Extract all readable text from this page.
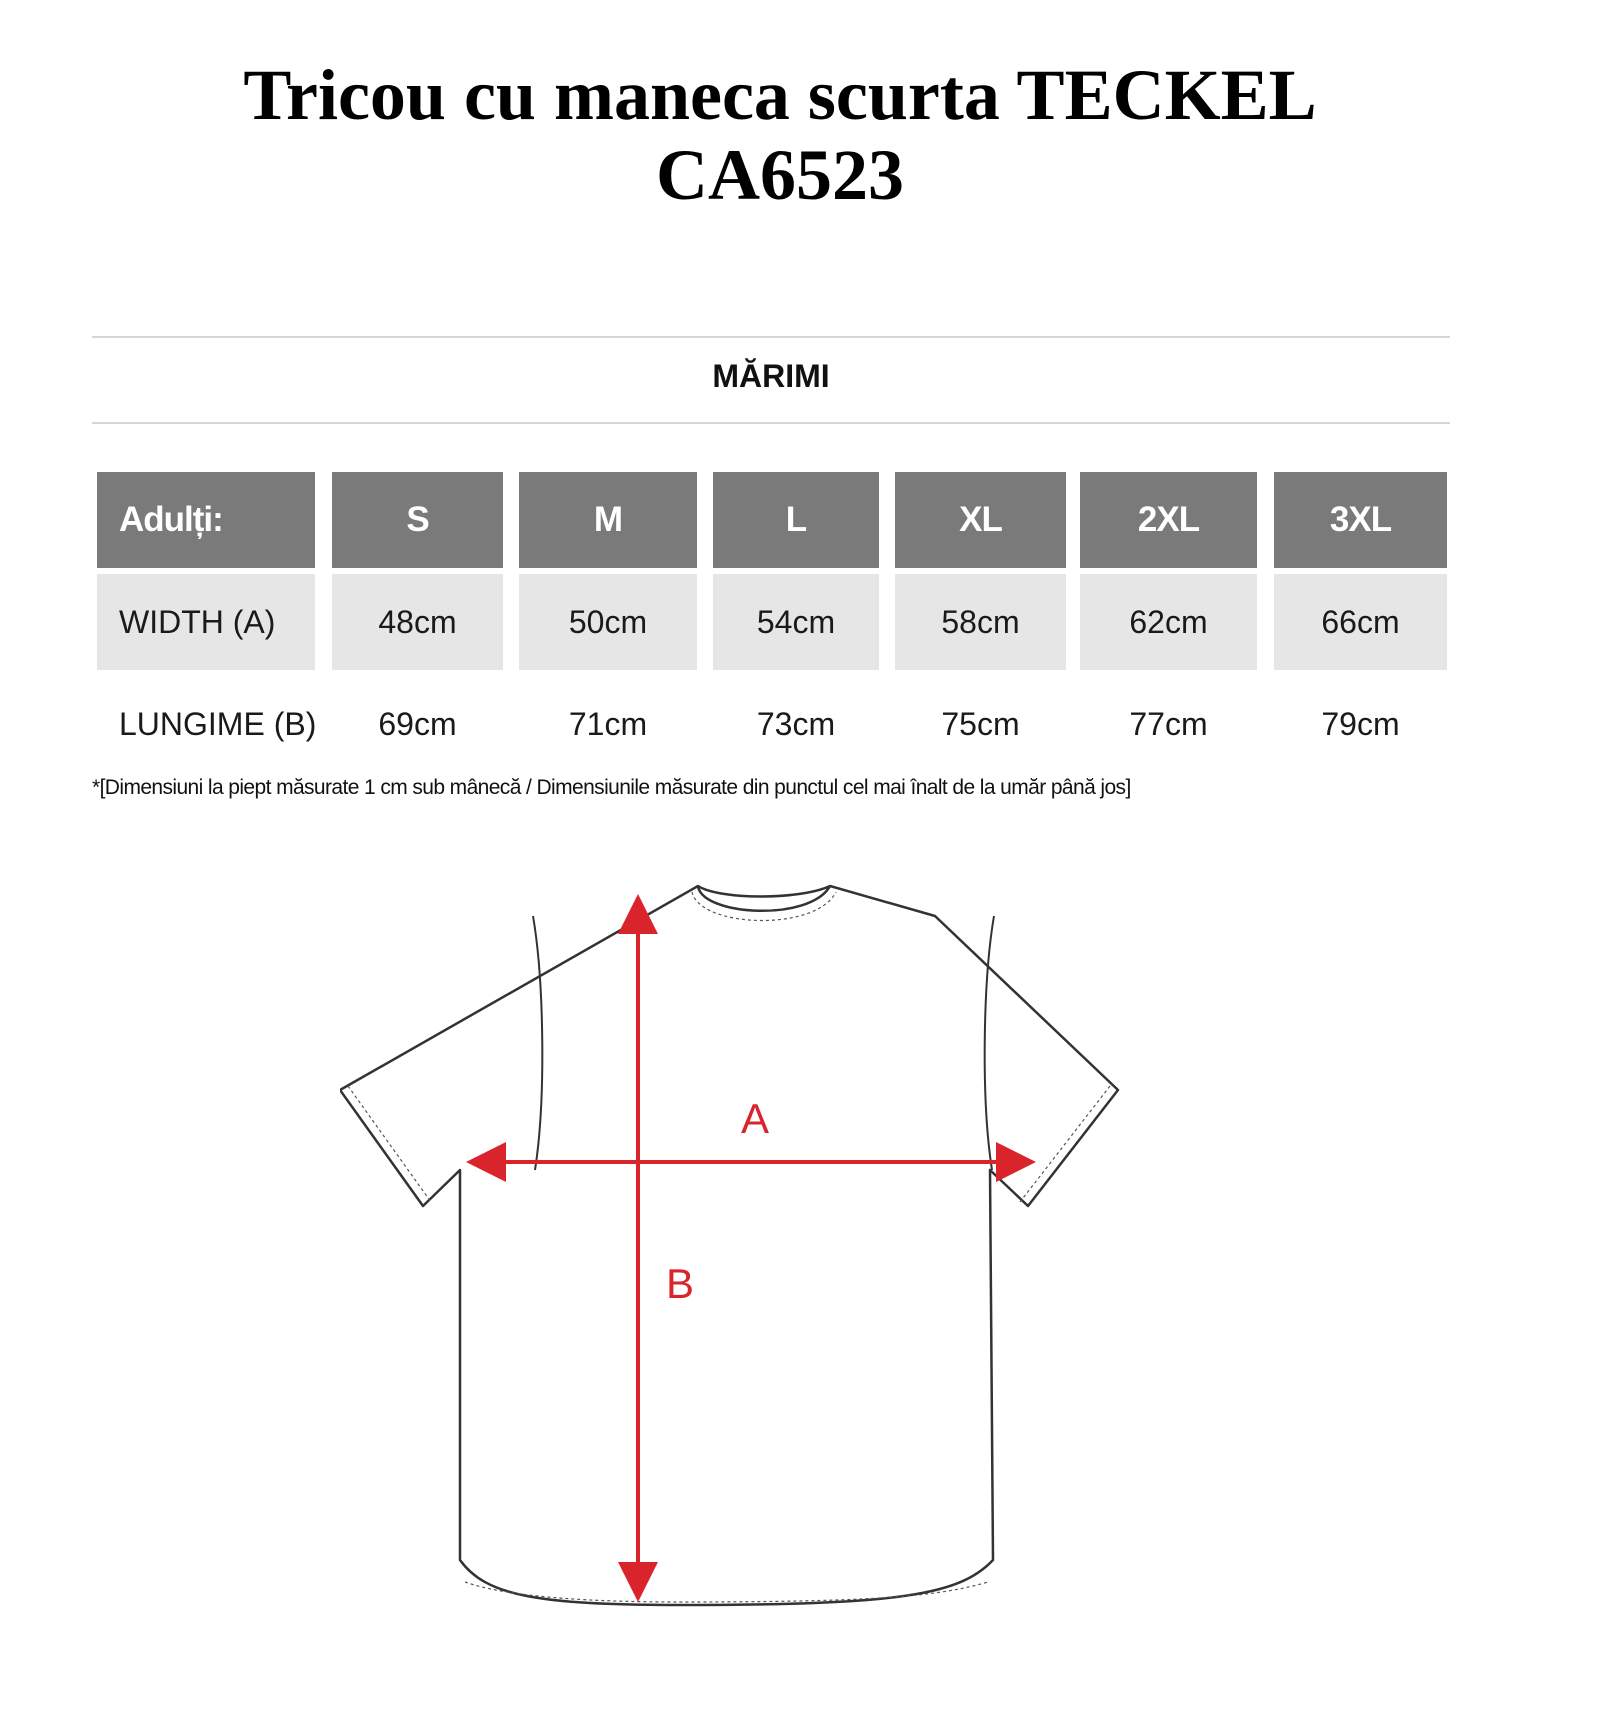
Tricou cu maneca scurta TECKEL
CA6523
MĂRIMI
Adulți:	S	M	L	XL	2XL	3XL
WIDTH (A)	48cm	50cm	54cm	58cm	62cm	66cm
LUNGIME (B)	69cm	71cm	73cm	75cm	77cm	79cm
*[Dimensiuni la piept măsurate 1 cm sub mânecă / Dimensiunile măsurate din punctul cel mai înalt de la umăr până jos]
A
B
